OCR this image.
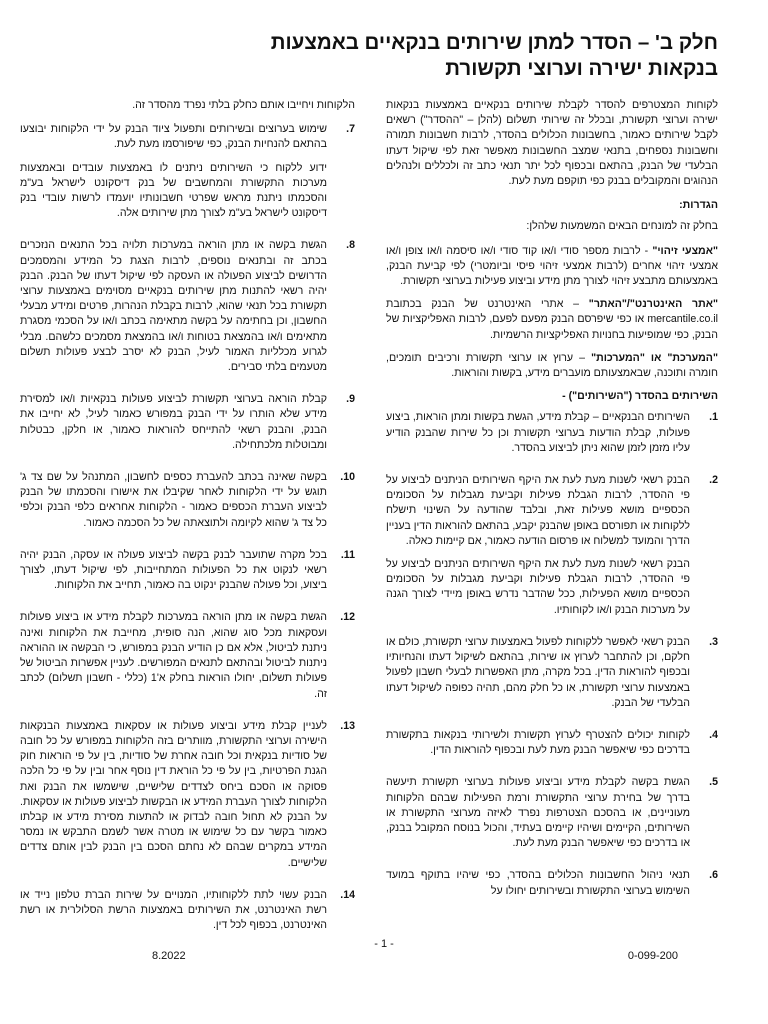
חלק ב' – הסדר למתן שירותים בנקאיים באמצעות
בנקאות ישירה וערוצי תקשורת

לקוחות המצטרפים להסדר לקבלת שירותים בנקאיים באמצעות בנקאות ישירה וערוצי תקשורת, ובכלל זה שירותי תשלום (להלן – "ההסדר") רשאים לקבל שירותים כאמור, בחשבונות הכלולים בהסדר, לרבות חשבונות תמורה וחשבונות נספחים, בתנאי שמצב החשבונות מאפשר זאת לפי שיקול דעתו הבלעדי של הבנק, בהתאם ובכפוף לכל יתר תנאי כתב זה ולכללים ולנהלים הנהוגים והמקובלים בבנק כפי תוקפם מעת לעת.

הגדרות:

בחלק זה למונחים הבאים המשמעות שלהלן:

"אמצעי זיהוי" - לרבות מספר סודי ו/או קוד סודי ו/או סיסמה ו/או צופן ו/או אמצעי זיהוי אחרים (לרבות אמצעי זיהוי פיסי וביומטרי) לפי קביעת הבנק, באמצעותם מתבצע זיהוי לצורך מתן מידע וביצוע פעילות בערוצי תקשורת.
"אתר האינטרנט"/"האתר" – אתרי האינטרנט של הבנק בכתובת mercantile.co.il או כפי שיפרסם הבנק מפעם לפעם, לרבות האפליקציות של הבנק, כפי שמופיעות בחנויות האפליקציות הרשמיות.
"המערכת" או "המערכות" – ערוץ או ערוצי תקשורת ורכיבים תומכים, חומרה ותוכנה, שבאמצעותם מועברים מידע, בקשות והוראות.
השירותים בהסדר ("השירותים") -
1.

השירותים הבנקאיים – קבלת מידע, הגשת בקשות ומתן הוראות, ביצוע פעולות, קבלת הודעות בערוצי תקשורת וכן כל שירות שהבנק הודיע עליו מזמן לזמן שהוא ניתן לביצוע בהסדר.

2.

הבנק רשאי לשנות מעת לעת את היקף השירותים הניתנים לביצוע על פי ההסדר, לרבות הגבלת פעילות וקביעת מגבלות על הסכומים הכספיים מושא פעילות זאת, ובלבד שהודעה על השינוי תישלח ללקוחות או תפורסם באופן שהבנק יקבע, בהתאם להוראות הדין בעניין הדרך והמועד למשלוח או פרסום הודעה כאמור, אם קיימות כאלה.

הבנק רשאי לשנות מעת לעת את היקף השירותים הניתנים לביצוע על פי ההסדר, לרבות הגבלת פעילות וקביעת מגבלות על הסכומים הכספיים מושא הפעילות, ככל שהדבר נדרש באופן מיידי לצורך הגנה על מערכות הבנק ו/או לקוחותיו.

3.

הבנק רשאי לאפשר ללקוחות לפעול באמצעות ערוצי תקשורת, כולם או חלקם, וכן להתחבר לערוץ או שירות, בהתאם לשיקול דעתו והנחיותיו ובכפוף להוראות הדין. בכל מקרה, מתן האפשרות לבעלי חשבון לפעול באמצעות ערוצי תקשורת, או כל חלק מהם, תהיה כפופה לשיקול דעתו הבלעדי של הבנק.

4.

לקוחות יכולים להצטרף לערוץ תקשורת ולשירותי בנקאות בתקשורת בדרכים כפי שיאפשר הבנק מעת לעת ובכפוף להוראות הדין.

5.

הגשת בקשה לקבלת מידע וביצוע פעולות בערוצי תקשורת תיעשה בדרך של בחירת ערוצי התקשורת ורמת הפעילות שבהם הלקוחות מעוניינים, או בהסכם הצטרפות נפרד לאיזה מערוצי התקשורת או השירותים, הקיימים ושיהיו קיימים בעתיד, והכול בנוסח המקובל בבנק, או בדרכים כפי שיאפשר הבנק מעת לעת.

6.

תנאי ניהול החשבונות הכלולים בהסדר, כפי שיהיו בתוקף במועד השימוש בערוצי התקשורת ובשירותים יחולו על

הלקוחות ויחייבו אותם כחלק בלתי נפרד מהסדר זה.

7.

שימוש בערוצים ובשירותים ותפעול ציוד הבנק על ידי הלקוחות יבוצעו בהתאם להנחיות הבנק, כפי שיפורסמו מעת לעת.

ידוע ללקוח כי השירותים ניתנים לו באמצעות עובדים ובאמצעות מערכות התקשורת והמחשבים של בנק דיסקונט לישראל בע"מ והסכמתו ניתנת מראש שפרטי חשבונותיו יועמדו לרשות עובדי בנק דיסקונט לישראל בע"מ לצורך מתן שירותים אלה.

8.

הגשת בקשה או מתן הוראה במערכות תלויה בכל התנאים הנזכרים בכתב זה ובתנאים נוספים, לרבות הצגת כל המידע והמסמכים הדרושים לביצוע הפעולה או העסקה לפי שיקול דעתו של הבנק. הבנק יהיה רשאי להתנות מתן שירותים בנקאיים מסוימים באמצעות ערוצי תקשורת בכל תנאי שהוא, לרבות בקבלת הנהרות, פרטים ומידע מבעלי החשבון, וכן בחתימה על בקשה מתאימה בכתב ו/או על הסכמי מסגרת מתאימים ו/או בהמצאת בטוחות ו/או בהמצאת מסמכים כלשהם. מבלי לגרוע מכלליות האמור לעיל, הבנק לא יסרב לבצע פעולות תשלום מטעמים בלתי סבירים.

9.

קבלת הוראה בערוצי תקשורת לביצוע פעולות בנקאיות ו/או למסירת מידע שלא הותרו על ידי הבנק במפורש כאמור לעיל, לא יחייבו את הבנק, והבנק רשאי להתייחס להוראות כאמור, או חלקן, כבטלות ומבוטלות מלכתחילה.

10.

בקשה שאינה בכתב להעברת כספים לחשבון, המתנהל על שם צד ג' תוגש על ידי הלקוחות לאחר שקיבלו את אישורו והסכמתו של הבנק לביצוע העברת הכספים כאמור - הלקוחות אחראים כלפי הבנק וכלפי כל צד ג' שהוא לקיומה ולתוצאתה של כל הסכמה כאמור.

11.

בכל מקרה שתועבר לבנק בקשה לביצוע פעולה או עסקה, הבנק יהיה רשאי לנקוט את כל הפעולות המתחייבות, לפי שיקול דעתו, לצורך ביצוע, וכל פעולה שהבנק ינקוט בה כאמור, תחייב את הלקוחות.

12.

הגשת בקשה או מתן הוראה במערכות לקבלת מידע או ביצוע פעולות ועסקאות מכל סוג שהוא, הנה סופית, מחייבת את הלקוחות ואינה ניתנת לביטול, אלא אם כן הודיע הבנק במפורש, כי הבקשה או ההוראה ניתנות לביטול ובהתאם לתנאים המפורשים. לעניין אפשרות הביטול של פעולות תשלום, יחולו הוראות בחלק א'1 (כללי - חשבון תשלום) לכתב זה.

13.

לעניין קבלת מידע וביצוע פעולות או עסקאות באמצעות הבנקאות הישירה וערוצי התקשורת, מוותרים בזה הלקוחות במפורש על כל חובה של סודיות בנקאית וכל חובה אחרת של סודיות, בין על פי הוראות חוק הגנת הפרטיות, בין על פי כל הוראת דין נוסף אחר ובין על פי כל הלכה פסוקה או הסכם ביחס לצדדים שלישיים, שישמשו את הבנק ואת הלקוחות לצורך העברת המידע או הבקשות לביצוע פעולות או עסקאות. על הבנק לא תחול חובה לבדוק או להתעות מסירת מידע או קבלתו כאמור בקשר עם כל שימוש או מטרה אשר לשמם התבקש או נמסר המידע במקרים שבהם לא נחתם הסכם בין הבנק לבין אותם צדדים שלישיים.

14.

הבנק עשוי לתת ללקוחותיו, המנויים על שירות הברת טלפון נייד או רשת האינטרנט, את השירותים באמצעות הרשת הסלולרית או רשת האינטרנט, בכפוף לכל דין.

- 1 -
8.2022	0-099-200
